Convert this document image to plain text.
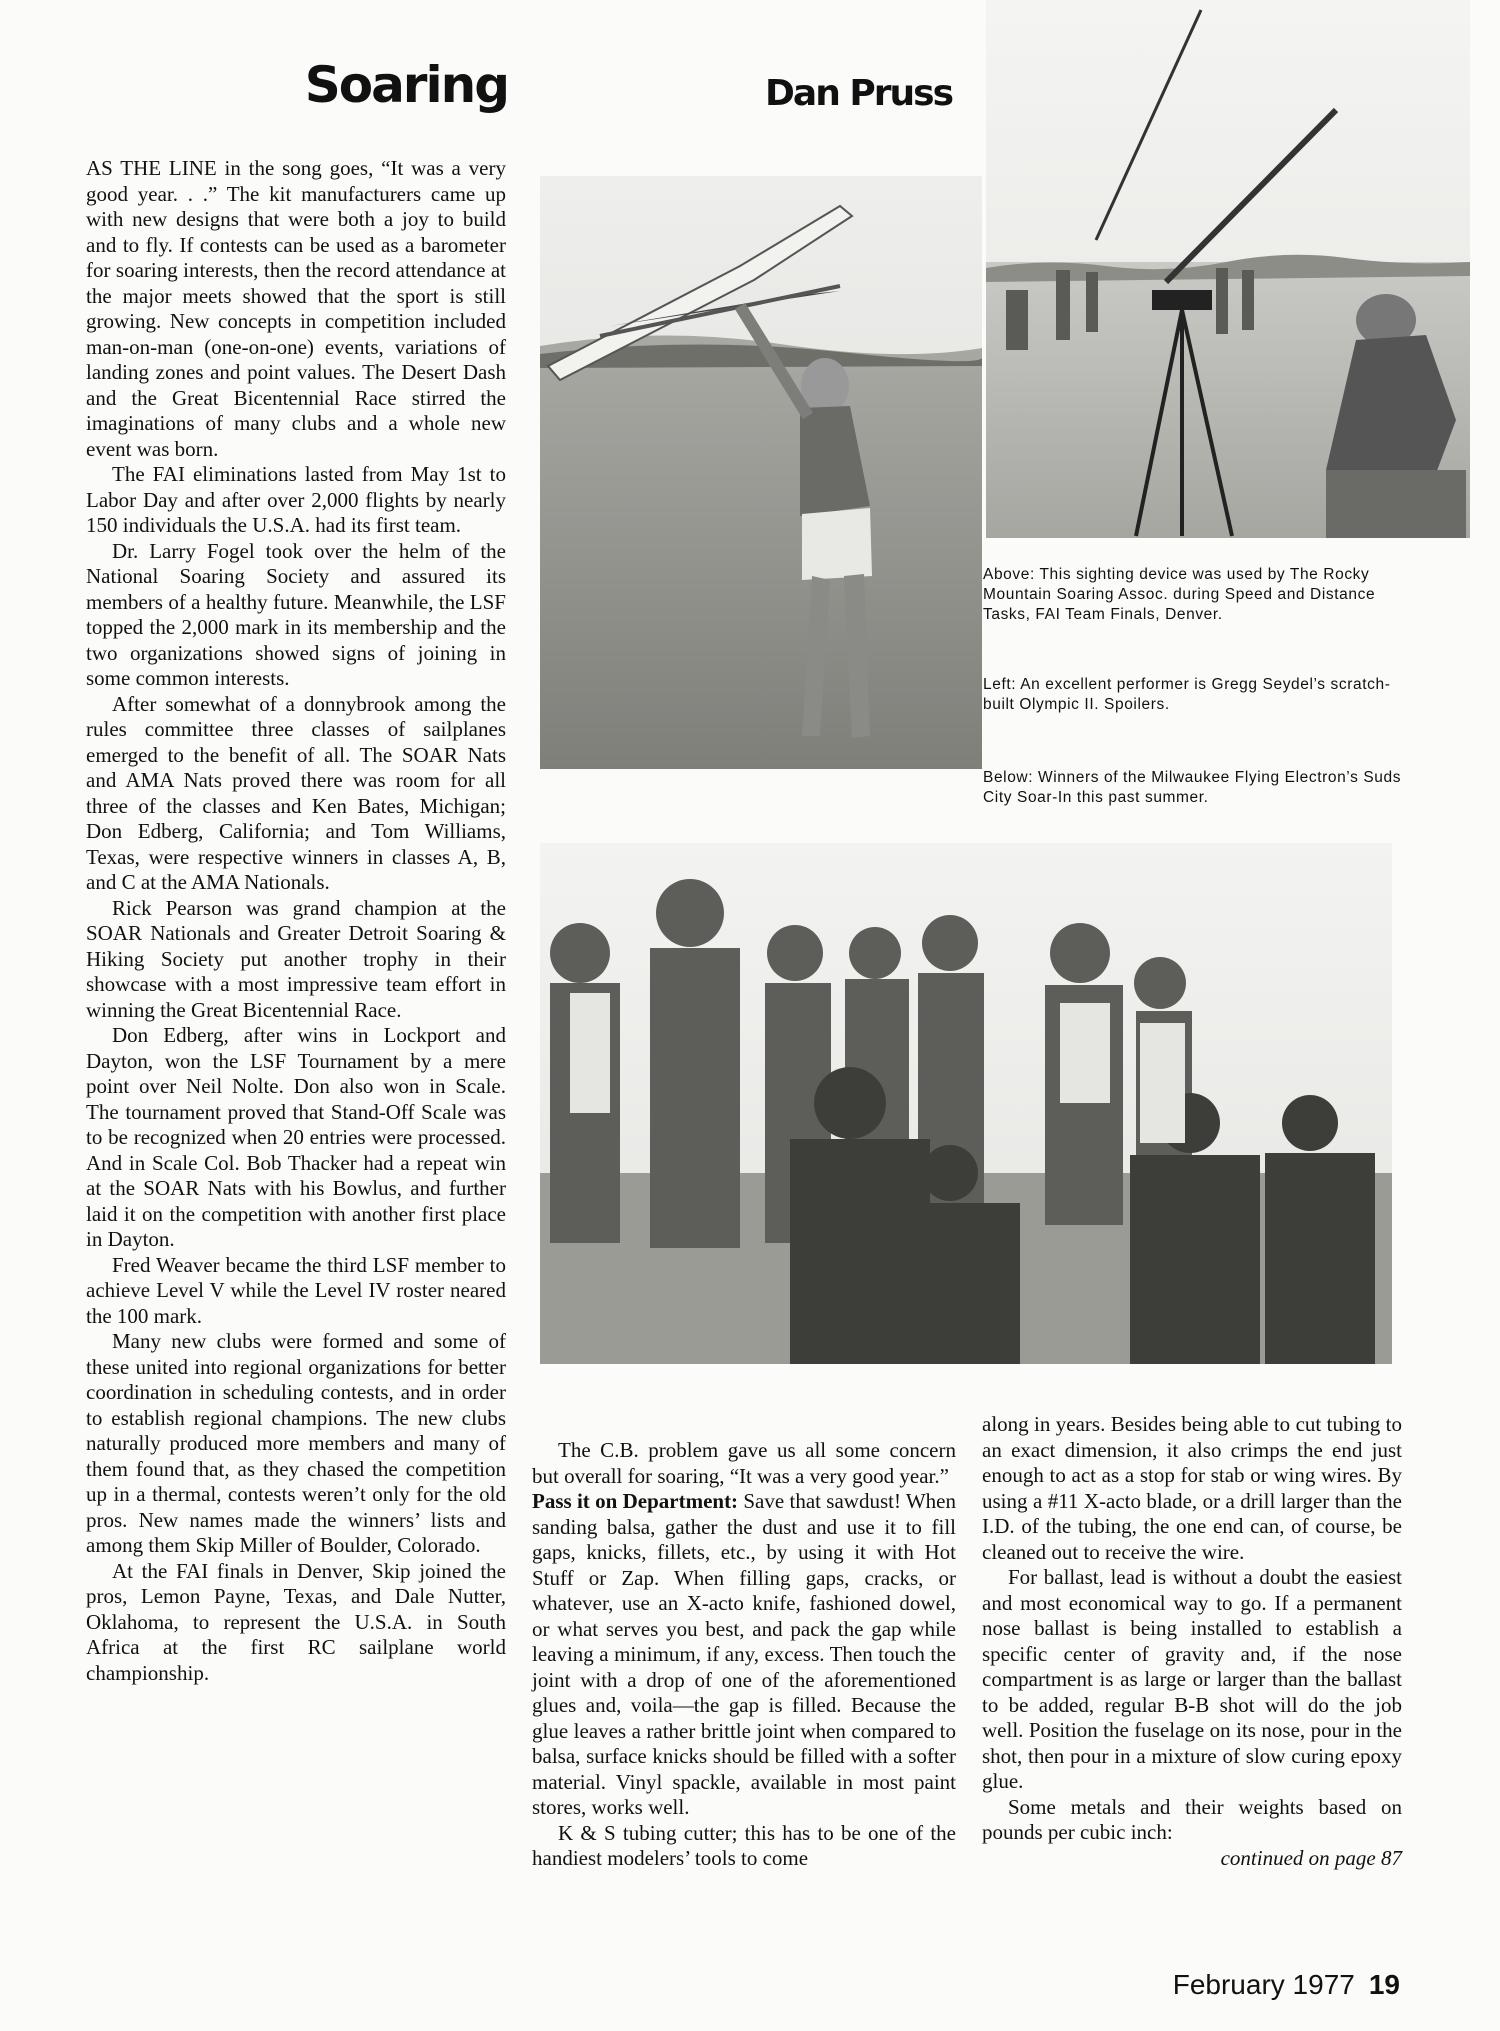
Soaring	Dan Pruss
Above: This sighting device was used by The Rocky Mountain Soaring Assoc. during Speed and Distance Tasks, FAI Team Finals, Denver.
Left: An excellent performer is Gregg Seydel’s scratch-built Olympic II. Spoilers.
Below: Winners of the Milwaukee Flying Electron’s Suds City Soar-In this past summer.

AS THE LINE in the song goes, “It was a very good year. . .” The kit manufacturers came up with new designs that were both a joy to build and to fly. If contests can be used as a barometer for soaring interests, then the record attendance at the major meets showed that the sport is still growing. New concepts in competition included man-on-man (one-on-one) events, variations of landing zones and point values. The Desert Dash and the Great Bicentennial Race stirred the imaginations of many clubs and a whole new event was born.

The FAI eliminations lasted from May 1st to Labor Day and after over 2,000 flights by nearly 150 individuals the U.S.A. had its first team.

Dr. Larry Fogel took over the helm of the National Soaring Society and assured its members of a healthy future. Meanwhile, the LSF topped the 2,000 mark in its membership and the two organizations showed signs of joining in some common interests.

After somewhat of a donnybrook among the rules committee three classes of sailplanes emerged to the benefit of all. The SOAR Nats and AMA Nats proved there was room for all three of the classes and Ken Bates, Michigan; Don Edberg, California; and Tom Williams, Texas, were respective winners in classes A, B, and C at the AMA Nationals.

Rick Pearson was grand champion at the SOAR Nationals and Greater Detroit Soaring & Hiking Society put another trophy in their showcase with a most impressive team effort in winning the Great Bicentennial Race.

Don Edberg, after wins in Lockport and Dayton, won the LSF Tournament by a mere point over Neil Nolte. Don also won in Scale. The tournament proved that Stand-Off Scale was to be recognized when 20 entries were processed. And in Scale Col. Bob Thacker had a repeat win at the SOAR Nats with his Bowlus, and further laid it on the competition with another first place in Dayton.

Fred Weaver became the third LSF member to achieve Level V while the Level IV roster neared the 100 mark.

Many new clubs were formed and some of these united into regional organizations for better coordination in scheduling contests, and in order to establish regional champions. The new clubs naturally produced more members and many of them found that, as they chased the competition up in a thermal, contests weren’t only for the old pros. New names made the winners’ lists and among them Skip Miller of Boulder, Colorado.

At the FAI finals in Denver, Skip joined the pros, Lemon Payne, Texas, and Dale Nutter, Oklahoma, to represent the U.S.A. in South Africa at the first RC sailplane world championship.

The C.B. problem gave us all some concern but overall for soaring, “It was a very good year.”

Pass it on Department: Save that sawdust! When sanding balsa, gather the dust and use it to fill gaps, knicks, fillets, etc., by using it with Hot Stuff or Zap. When filling gaps, cracks, or whatever, use an X-acto knife, fashioned dowel, or what serves you best, and pack the gap while leaving a minimum, if any, excess. Then touch the joint with a drop of one of the aforementioned glues and, voila—the gap is filled. Because the glue leaves a rather brittle joint when compared to balsa, surface knicks should be filled with a softer material. Vinyl spackle, available in most paint stores, works well.

K & S tubing cutter; this has to be one of the handiest modelers’ tools to come

along in years. Besides being able to cut tubing to an exact dimension, it also crimps the end just enough to act as a stop for stab or wing wires. By using a #11 X-acto blade, or a drill larger than the I.D. of the tubing, the one end can, of course, be cleaned out to receive the wire.

For ballast, lead is without a doubt the easiest and most economical way to go. If a permanent nose ballast is being installed to establish a specific center of gravity and, if the nose compartment is as large or larger than the ballast to be added, regular B-B shot will do the job well. Position the fuselage on its nose, pour in the shot, then pour in a mixture of slow curing epoxy glue.

Some metals and their weights based on pounds per cubic inch:

continued on page 87

February 1977 19
